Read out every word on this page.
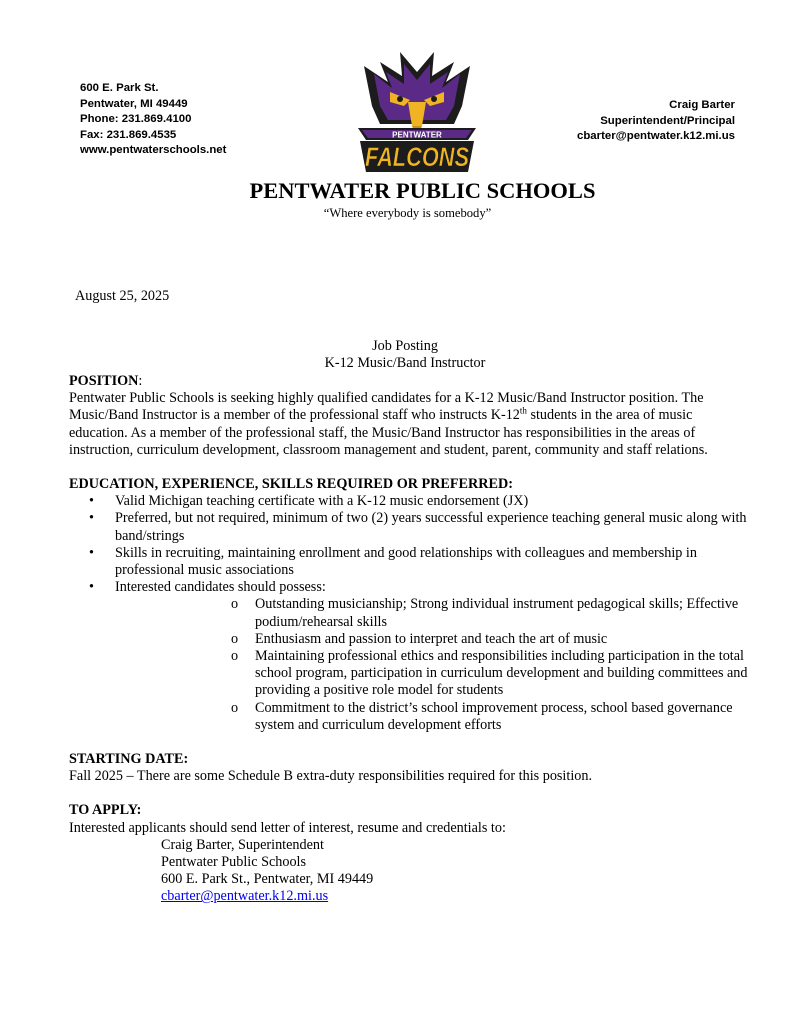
600 E. Park St.
Pentwater, MI 49449
Phone: 231.869.4100
Fax: 231.869.4535
www.pentwaterschools.net
PENTWATER
FALCONS
Craig Barter
Superintendent/Principal
cbarter@pentwater.k12.mi.us
PENTWATER PUBLIC SCHOOLS
“Where everybody is somebody”
August 25, 2025
Job Posting
K-12 Music/Band Instructor

POSITION:

Pentwater Public Schools is seeking highly qualified candidates for a K-12 Music/Band Instructor position. The Music/Band Instructor is a member of the professional staff who instructs K-12th students in the area of music education. As a member of the professional staff, the Music/Band Instructor has responsibilities in the areas of instruction, curriculum development, classroom management and student, parent, community and staff relations.

EDUCATION, EXPERIENCE, SKILLS REQUIRED OR PREFERRED:

• Valid Michigan teaching certificate with a K-12 music endorsement (JX)
• Preferred, but not required, minimum of two (2) years successful experience teaching general music along with band/strings
• Skills in recruiting, maintaining enrollment and good relationships with colleagues and membership in professional music associations
• Interested candidates should possess:
o Outstanding musicianship; Strong individual instrument pedagogical skills; Effective podium/rehearsal skills
o Enthusiasm and passion to interpret and teach the art of music
o Maintaining professional ethics and responsibilities including participation in the total school program, participation in curriculum development and building committees and providing a positive role model for students
o Commitment to the district’s school improvement process, school based governance system and curriculum development efforts

STARTING DATE:

Fall 2025 – There are some Schedule B extra-duty responsibilities required for this position.

TO APPLY:

Interested applicants should send letter of interest, resume and credentials to:

Craig Barter, Superintendent

Pentwater Public Schools

600 E. Park St., Pentwater, MI 49449

cbarter@pentwater.k12.mi.us
